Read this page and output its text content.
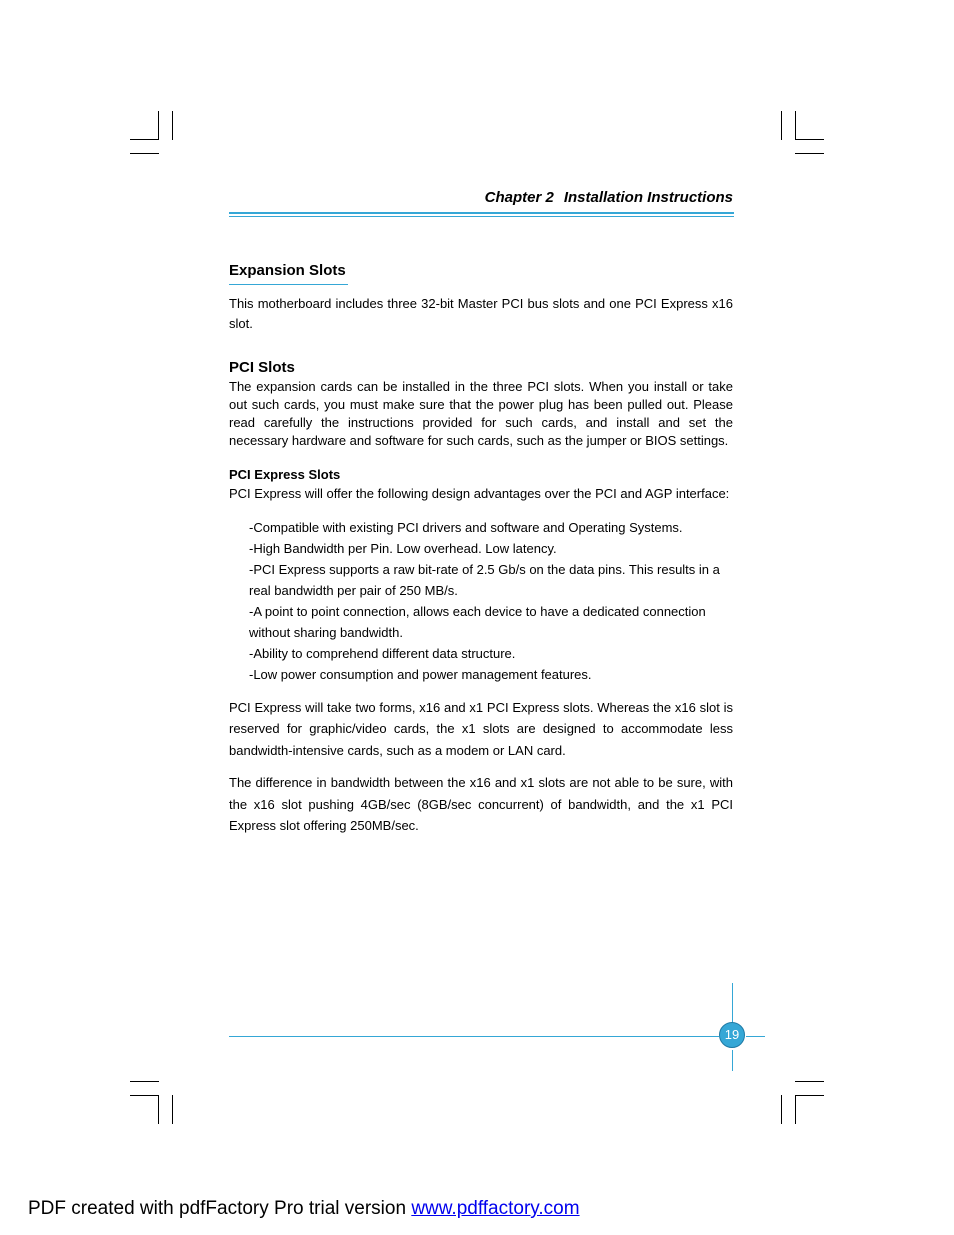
Chapter 2 Installation Instructions
Expansion Slots

This motherboard includes three 32-bit Master PCI bus slots and one PCI Express x16 slot.

PCI Slots

The expansion cards can be installed in the three PCI slots. When you install or take out such cards, you must make sure that the power plug has been pulled out. Please read carefully the instructions provided for such cards, and install and set the necessary hardware and software for such cards, such as the jumper or BIOS settings.

PCI Express Slots

PCI Express will offer the following design advantages over the PCI and AGP interface:

-Compatible with existing PCI drivers and software and Operating Systems.
-High Bandwidth per Pin. Low overhead. Low latency.
-PCI Express supports a raw bit-rate of 2.5 Gb/s on the data pins. This results in a real bandwidth per pair of 250 MB/s.
-A point to point connection, allows each device to have a dedicated connection without sharing bandwidth.
-Ability to comprehend different data structure.
-Low power consumption and power management features.

PCI Express will take two forms, x16 and x1 PCI Express slots. Whereas the x16 slot is reserved for graphic/video cards, the x1 slots are designed to accommodate less bandwidth-intensive cards, such as a modem or LAN card.

The difference in bandwidth between the x16 and x1 slots are not able to be sure, with the x16 slot pushing 4GB/sec (8GB/sec concurrent) of bandwidth, and the x1 PCI Express slot offering 250MB/sec.

19
PDF created with pdfFactory Pro trial version www.pdffactory.com
